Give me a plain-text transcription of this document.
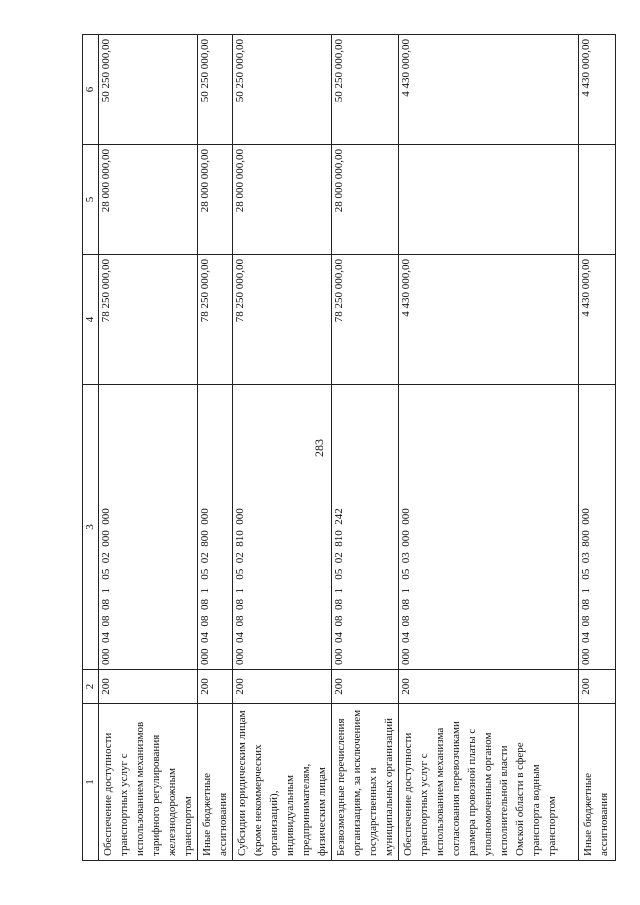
283
1	2	3	4	5	6
Обеспечение доступности транспортных услуг с использованием механизмов тарифного регулирования железнодорожным транспортом	200	000  04  08  08  1   05  02  000  000	78 250 000,00	28 000 000,00	50 250 000,00
Иные бюджетные ассигнования	200	000  04  08  08  1   05  02  800  000	78 250 000,00	28 000 000,00	50 250 000,00
Субсидии юридическим лицам (кроме некоммерческих организаций), индивидуальным предпринимателям, физическим лицам	200	000  04  08  08  1   05  02  810  000	78 250 000,00	28 000 000,00	50 250 000,00
Безвозмездные перечисления организациям, за исключением государственных и муниципальных организаций	200	000  04  08  08  1   05  02  810  242	78 250 000,00	28 000 000,00	50 250 000,00
Обеспечение доступности транспортных услуг с использованием механизма согласования перевозчиками размера провозной платы с уполномоченным органом исполнительной власти Омской области в сфере транспорта водным транспортом	200	000  04  08  08  1   05  03  000  000	4 430 000,00		4 430 000,00
Иные бюджетные ассигнования	200	000  04  08  08  1   05  03  800  000	4 430 000,00		4 430 000,00
